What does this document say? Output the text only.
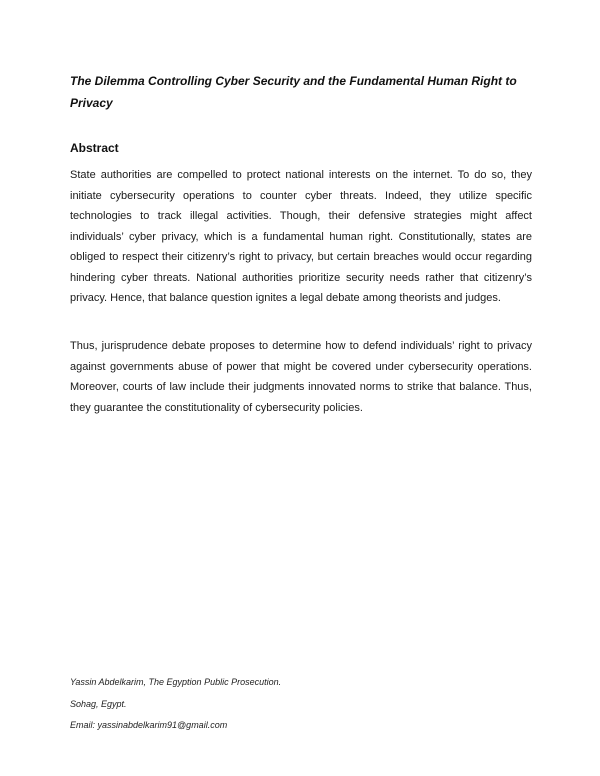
The Dilemma Controlling Cyber Security and the Fundamental Human Right to Privacy

Abstract

State authorities are compelled to protect national interests on the internet. To do so, they initiate cybersecurity operations to counter cyber threats. Indeed, they utilize specific technologies to track illegal activities. Though, their defensive strategies might affect individuals’ cyber privacy, which is a fundamental human right. Constitutionally, states are obliged to respect their citizenry’s right to privacy, but certain breaches would occur regarding hindering cyber threats. National authorities prioritize security needs rather that citizenry’s privacy. Hence, that balance question ignites a legal debate among theorists and judges.

Thus, jurisprudence debate proposes to determine how to defend individuals’ right to privacy against governments abuse of power that might be covered under cybersecurity operations. Moreover, courts of law include their judgments innovated norms to strike that balance. Thus, they guarantee the constitutionality of cybersecurity policies.

Yassin Abdelkarim, The Egyption Public Prosecution.

Sohag, Egypt.

Email: yassinabdelkarim91@gmail.com
